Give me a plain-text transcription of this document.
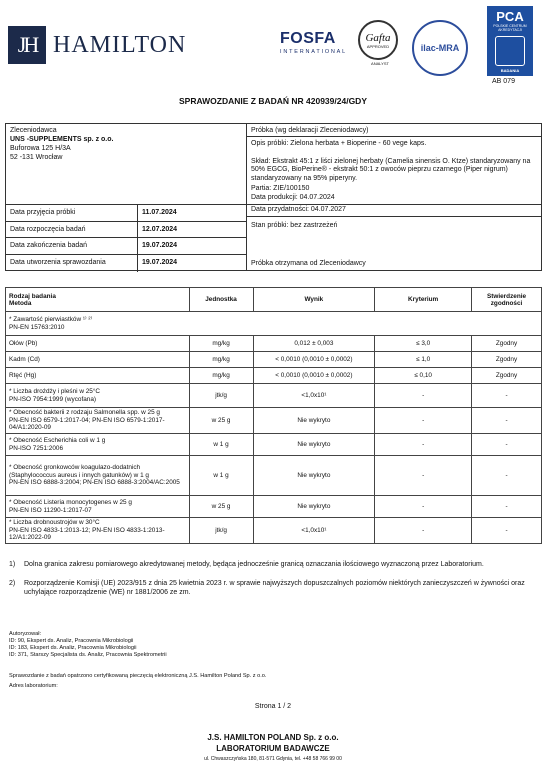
JH HAMILTON	FOSFA
INTERNATIONAL
Gafta
APPROVED
ANALYST
ilac-MRA
PCA
POLSKIE CENTRUM AKREDYTACJI
BADANIA
AB 079
SPRAWOZDANIE Z BADAŃ NR 420939/24/GDY
Zleceniodawca
UNS -SUPPLEMENTS sp. z o.o.
Buforowa 125 H/3A
52 -131 Wrocław
Data przyjęcia próbki	11.07.2024
Data rozpoczęcia badań	12.07.2024
Data zakończenia badań	19.07.2024
Data utworzenia sprawozdania	19.07.2024
Próbka (wg deklaracji Zleceniodawcy)
Opis próbki: Zielona herbata + Bioperine - 60 vege kaps.
Skład: Ekstrakt 45:1 z liści zielonej herbaty (Camelia sinensis O. Ktze) standaryzowany na 50% EGCG, BioPerine® - ekstrakt 50:1 z owoców pieprzu czarnego (Piper nigrum) standaryzowany na 95% piperyny.
Partia: ZIE/100150
Data produkcji: 04.07.2024
Data przydatności: 04.07.2027
Stan próbki: bez zastrzeżeń
Próbka otrzymana od Zleceniodawcy
Rodzaj badania
Metoda	Jednostka	Wynik	Kryterium	Stwierdzenie zgodności
* Zawartość pierwiastków ¹⁾ ²⁾
PN-EN 15763:2010				
Ołów (Pb)	mg/kg	0,012 ± 0,003	≤ 3,0	Zgodny
Kadm (Cd)	mg/kg	< 0,0010 (0,0010 ± 0,0002)	≤ 1,0	Zgodny
Rtęć (Hg)	mg/kg	< 0,0010 (0,0010 ± 0,0002)	≤ 0,10	Zgodny
* Liczba drożdży i pleśni w 25°C
PN-ISO 7954:1999 (wycofana)	jtk/g	<1,0x10¹	-	-
* Obecność bakterii z rodzaju Salmonella spp. w 25 g
PN-EN ISO 6579-1:2017-04; PN-EN ISO 6579-1:2017-04/A1:2020-09	w 25 g	Nie wykryto	-	-
* Obecność Escherichia coli w 1 g
PN-ISO 7251:2006	w 1 g	Nie wykryto	-	-
* Obecność gronkowców koagulazo-dodatnich (Staphylococcus aureus i innych gatunków) w 1 g
PN-EN ISO 6888-3:2004; PN-EN ISO 6888-3:2004/AC:2005	w 1 g	Nie wykryto	-	-
* Obecność Listeria monocytogenes w 25 g
PN-EN ISO 11290-1:2017-07	w 25 g	Nie wykryto	-	-
* Liczba drobnoustrojów w 30°C
PN-EN ISO 4833-1:2013-12; PN-EN ISO 4833-1:2013-12/A1:2022-09	jtk/g	<1,0x10¹	-	-
1) Dolna granica zakresu pomiarowego akredytowanej metody, będąca jednocześnie granicą oznaczania ilościowego wyznaczoną przez Laboratorium.
2) Rozporządzenie Komisji (UE) 2023/915 z dnia 25 kwietnia 2023 r. w sprawie najwyższych dopuszczalnych poziomów niektórych zanieczyszczeń w żywności oraz uchylające rozporządzenie (WE) nr 1881/2006 ze zm.
Autoryzował:
ID: 90, Ekspert ds. Analiz, Pracownia Mikrobiologii
ID: 183, Ekspert ds. Analiz, Pracownia Mikrobiologii
ID: 371, Starszy Specjalista ds. Analiz, Pracownia Spektrometrii
Sprawozdanie z badań opatrzono certyfikowaną pieczęcią elektroniczną J.S. Hamilton Poland Sp. z o.o.
Adres laboratorium:
Strona 1 / 2
J.S. HAMILTON POLAND Sp. z o.o.
LABORATORIUM BADAWCZE
ul. Chwaszczyńska 180, 81-571 Gdynia, tel. +48 58 766 99 00
